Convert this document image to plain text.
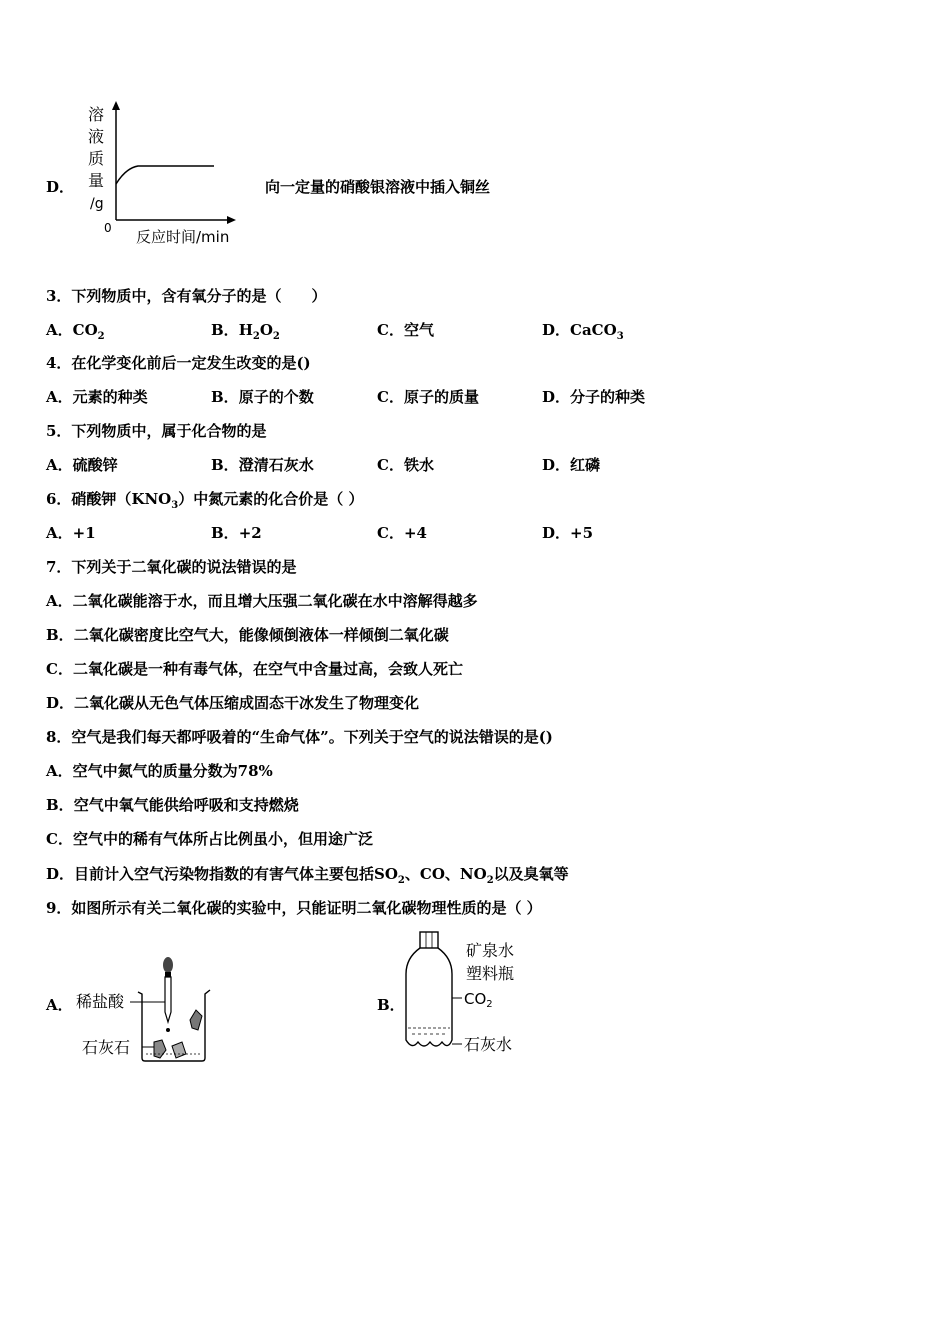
D．
溶
液
质
量
/g
0 反应时间/min
向一定量的硝酸银溶液中插入铜丝
3．下列物质中，含有氧分子的是（　　）
A．$CO_2$	B．$H_2O_2$	C．空气	D．CaCO$_3$
4．在化学变化前后一定发生改变的是()
A．元素的种类	B．原子的个数	C．原子的质量	D．分子的种类
5．下列物质中，属于化合物的是
A．硫酸锌	B．澄清石灰水	C．铁水	D．红磷
6．硝酸钾$(KNO_3)$中氮元素的化合价是（ ）
A．+1	B．+2	C．+4	D．+5
7．下列关于二氧化碳的说法错误的是
A．二氧化碳能溶于水，而且增大压强二氧化碳在水中溶解得越多
B．二氧化碳密度比空气大，能像倾倒液体一样倾倒二氧化碳
C．二氧化碳是一种有毒气体，在空气中含量过高，会致人死亡
D．二氧化碳从无色气体压缩成固态干冰发生了物理变化
8．空气是我们每天都呼吸着的“生命气体”。下列关于空气的说法错误的是()
A．空气中氮气的质量分数为78%
B．空气中氧气能供给呼吸和支持燃烧
C．空气中的稀有气体所占比例虽小，但用途广泛
D．目前计入空气污染物指数的有害气体主要包括$SO_2$、CO、$NO_2$以及臭氧等
9．如图所示有关二氧化碳的实验中，只能证明二氧化碳物理性质的是（ ）
A． 稀盐酸
石灰石
B．
矿泉水
塑料瓶
$CO_2$
石灰水
